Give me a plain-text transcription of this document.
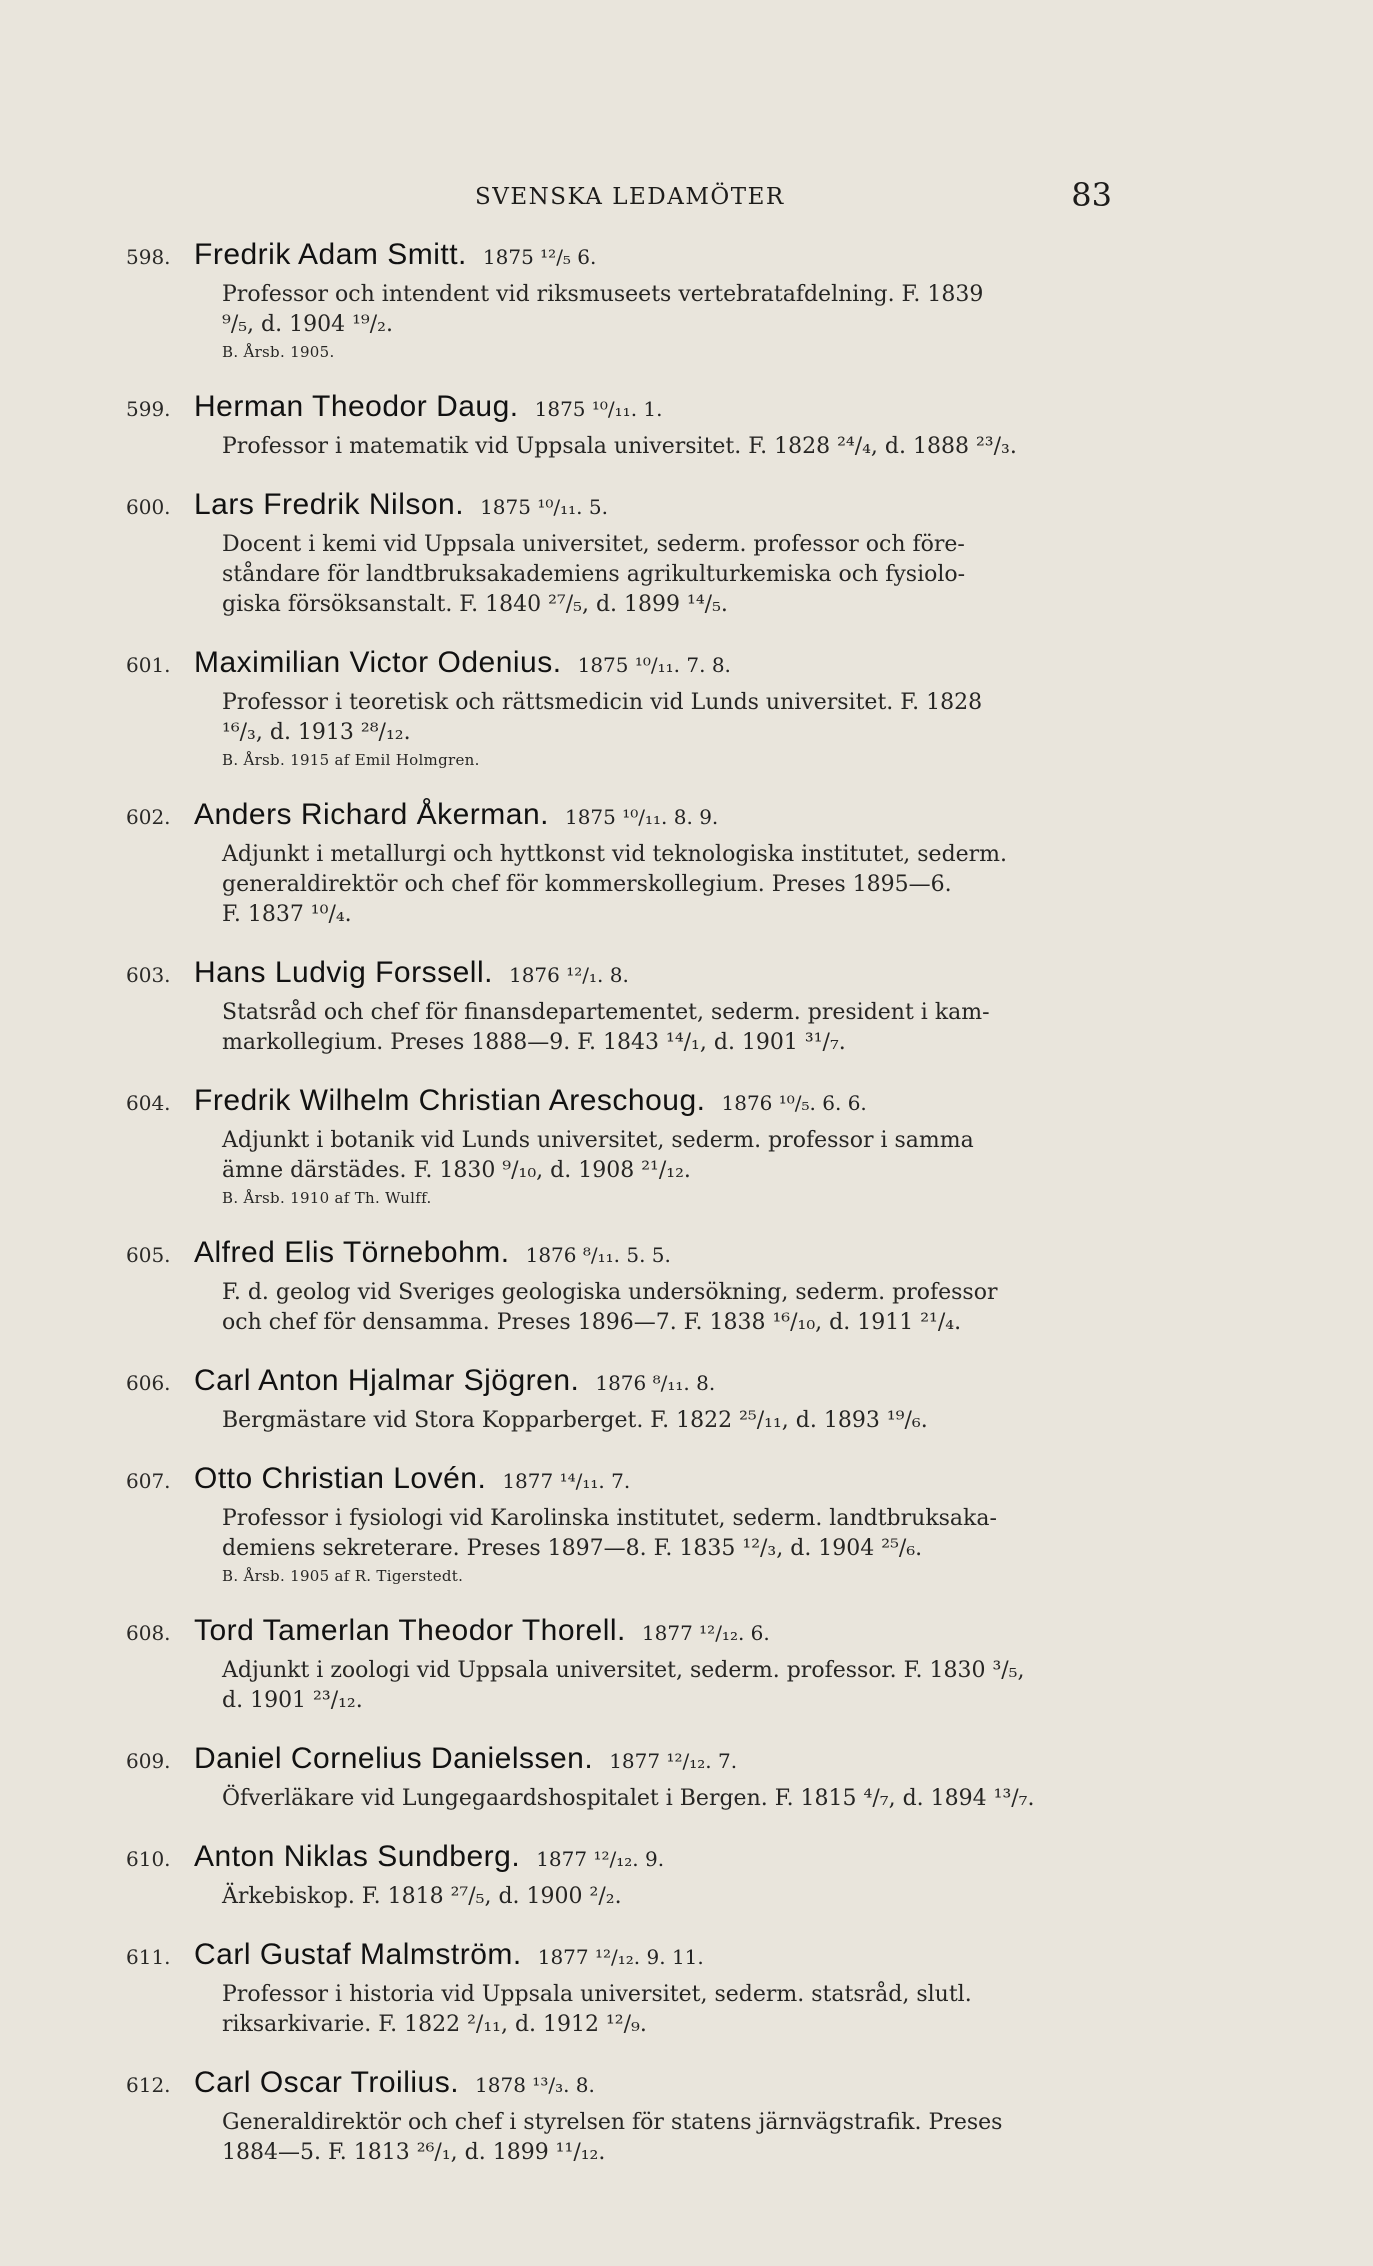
SVENSKA LEDAMÖTER	83
598. Fredrik Adam Smitt. 1875 ¹²/₅ 6.
Professor och intendent vid riksmuseets vertebratafdelning. F. 1839
⁹/₅, d. 1904 ¹⁹/₂.
B. Årsb. 1905.
599. Herman Theodor Daug. 1875 ¹⁰/₁₁. 1.
Professor i matematik vid Uppsala universitet. F. 1828 ²⁴/₄, d. 1888 ²³/₃.
600. Lars Fredrik Nilson. 1875 ¹⁰/₁₁. 5.
Docent i kemi vid Uppsala universitet, sederm. professor och före-
ståndare för landtbruksakademiens agrikulturkemiska och fysiolo-
giska försöksanstalt. F. 1840 ²⁷/₅, d. 1899 ¹⁴/₅.
601. Maximilian Victor Odenius. 1875 ¹⁰/₁₁. 7. 8.
Professor i teoretisk och rättsmedicin vid Lunds universitet. F. 1828
¹⁶/₃, d. 1913 ²⁸/₁₂.
B. Årsb. 1915 af Emil Holmgren.
602. Anders Richard Åkerman. 1875 ¹⁰/₁₁. 8. 9.
Adjunkt i metallurgi och hyttkonst vid teknologiska institutet, sederm.
generaldirektör och chef för kommerskollegium. Preses 1895—6.
F. 1837 ¹⁰/₄.
603. Hans Ludvig Forssell. 1876 ¹²/₁. 8.
Statsråd och chef för finansdepartementet, sederm. president i kam-
markollegium. Preses 1888—9. F. 1843 ¹⁴/₁, d. 1901 ³¹/₇.
604. Fredrik Wilhelm Christian Areschoug. 1876 ¹⁰/₅. 6. 6.
Adjunkt i botanik vid Lunds universitet, sederm. professor i samma
ämne därstädes. F. 1830 ⁹/₁₀, d. 1908 ²¹/₁₂.
B. Årsb. 1910 af Th. Wulff.
605. Alfred Elis Törnebohm. 1876 ⁸/₁₁. 5. 5.
F. d. geolog vid Sveriges geologiska undersökning, sederm. professor
och chef för densamma. Preses 1896—7. F. 1838 ¹⁶/₁₀, d. 1911 ²¹/₄.
606. Carl Anton Hjalmar Sjögren. 1876 ⁸/₁₁. 8.
Bergmästare vid Stora Kopparberget. F. 1822 ²⁵/₁₁, d. 1893 ¹⁹/₆.
607. Otto Christian Lovén. 1877 ¹⁴/₁₁. 7.
Professor i fysiologi vid Karolinska institutet, sederm. landtbruksaka-
demiens sekreterare. Preses 1897—8. F. 1835 ¹²/₃, d. 1904 ²⁵/₆.
B. Årsb. 1905 af R. Tigerstedt.
608. Tord Tamerlan Theodor Thorell. 1877 ¹²/₁₂. 6.
Adjunkt i zoologi vid Uppsala universitet, sederm. professor. F. 1830 ³/₅,
d. 1901 ²³/₁₂.
609. Daniel Cornelius Danielssen. 1877 ¹²/₁₂. 7.
Öfverläkare vid Lungegaardshospitalet i Bergen. F. 1815 ⁴/₇, d. 1894 ¹³/₇.
610. Anton Niklas Sundberg. 1877 ¹²/₁₂. 9.
Ärkebiskop. F. 1818 ²⁷/₅, d. 1900 ²/₂.
611. Carl Gustaf Malmström. 1877 ¹²/₁₂. 9. 11.
Professor i historia vid Uppsala universitet, sederm. statsråd, slutl.
riksarkivarie. F. 1822 ²/₁₁, d. 1912 ¹²/₉.
612. Carl Oscar Troilius. 1878 ¹³/₃. 8.
Generaldirektör och chef i styrelsen för statens järnvägstrafik. Preses
1884—5. F. 1813 ²⁶/₁, d. 1899 ¹¹/₁₂.
